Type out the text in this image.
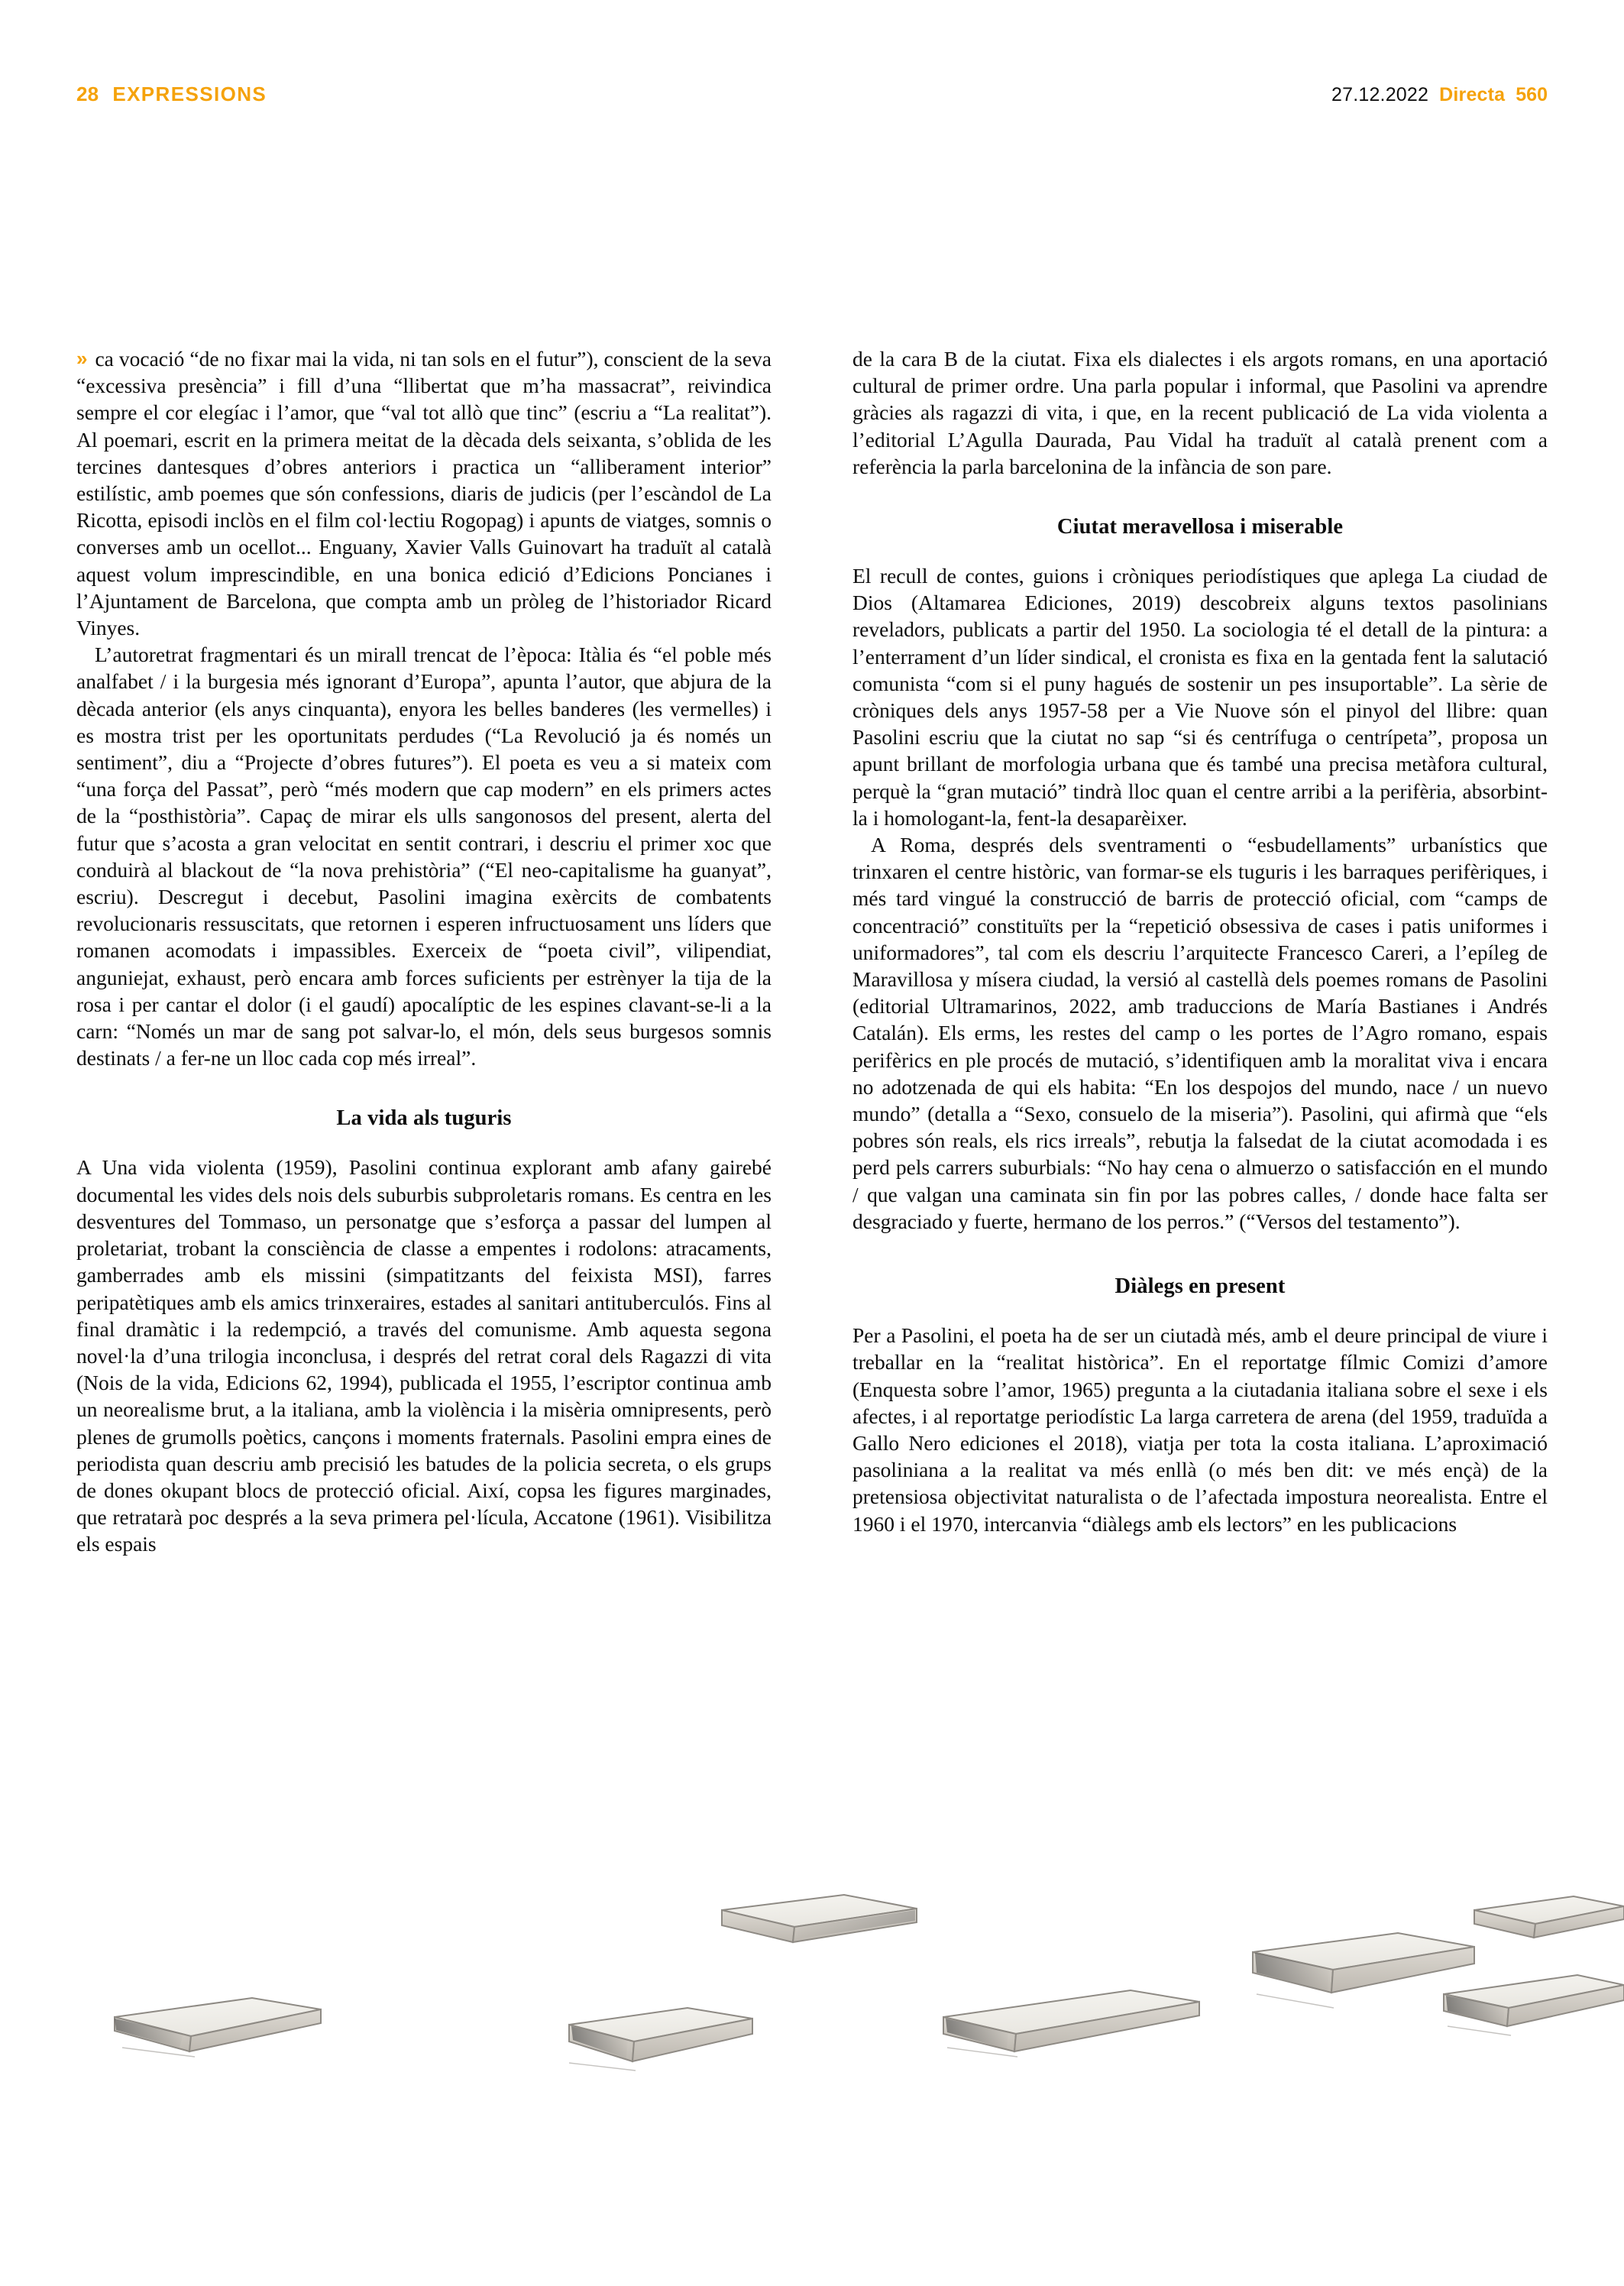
28 EXPRESSIONS	27.12.2022 Directa 560

» ca vocació “de no fixar mai la vida, ni tan sols en el futur”), conscient de la seva “excessiva presència” i fill d’una “llibertat que m’ha massacrat”, reivindica sempre el cor elegíac i l’amor, que “val tot allò que tinc” (escriu a “La realitat”). Al poemari, escrit en la primera meitat de la dècada dels seixanta, s’oblida de les tercines dantesques d’obres anteriors i practica un “alliberament interior” estilístic, amb poemes que són confessions, diaris de judicis (per l’escàndol de La Ricotta, episodi inclòs en el film col·lectiu Rogopag) i apunts de viatges, somnis o converses amb un ocellot... Enguany, Xavier Valls Guinovart ha traduït al català aquest volum imprescindible, en una bonica edició d’Edicions Poncianes i l’Ajuntament de Barcelona, que compta amb un pròleg de l’historiador Ricard Vinyes.

L’autoretrat fragmentari és un mirall trencat de l’època: Itàlia és “el poble més analfabet / i la burgesia més ignorant d’Europa”, apunta l’autor, que abjura de la dècada anterior (els anys cinquanta), enyora les belles banderes (les vermelles) i es mostra trist per les oportunitats perdudes (“La Revolució ja és només un sentiment”, diu a “Projecte d’obres futures”). El poeta es veu a si mateix com “una força del Passat”, però “més modern que cap modern” en els primers actes de la “posthistòria”. Capaç de mirar els ulls sangonosos del present, alerta del futur que s’acosta a gran velocitat en sentit contrari, i descriu el primer xoc que conduirà al blackout de “la nova prehistòria” (“El neo-capitalisme ha guanyat”, escriu). Descregut i decebut, Pasolini imagina exèrcits de combatents revolucionaris ressuscitats, que retornen i esperen infructuosament uns líders que romanen acomodats i impassibles. Exerceix de “poeta civil”, vilipendiat, anguniejat, exhaust, però encara amb forces suficients per estrènyer la tija de la rosa i per cantar el dolor (i el gaudí) apocalíptic de les espines clavant-se-li a la carn: “Només un mar de sang pot salvar-lo, el món, dels seus burgesos somnis destinats / a fer-ne un lloc cada cop més irreal”.

La vida als tuguris

A Una vida violenta (1959), Pasolini continua explorant amb afany gairebé documental les vides dels nois dels suburbis subproletaris romans. Es centra en les desventures del Tommaso, un personatge que s’esforça a passar del lumpen al proletariat, trobant la consciència de classe a empentes i rodolons: atracaments, gamberrades amb els missini (simpatitzants del feixista MSI), farres peripatètiques amb els amics trinxeraires, estades al sanitari antituberculós. Fins al final dramàtic i la redempció, a través del comunisme. Amb aquesta segona novel·la d’una trilogia inconclusa, i després del retrat coral dels Ragazzi di vita (Nois de la vida, Edicions 62, 1994), publicada el 1955, l’escriptor continua amb un neorealisme brut, a la italiana, amb la violència i la misèria omnipresents, però plenes de grumolls poètics, cançons i moments fraternals. Pasolini empra eines de periodista quan descriu amb precisió les batudes de la policia secreta, o els grups de dones okupant blocs de protecció oficial. Així, copsa les figures marginades, que retratarà poc després a la seva primera pel·lícula, Accatone (1961). Visibilitza els espais

de la cara B de la ciutat. Fixa els dialectes i els argots romans, en una aportació cultural de primer ordre. Una parla popular i informal, que Pasolini va aprendre gràcies als ragazzi di vita, i que, en la recent publicació de La vida violenta a l’editorial L’Agulla Daurada, Pau Vidal ha traduït al català prenent com a referència la parla barcelonina de la infància de son pare.

Ciutat meravellosa i miserable

El recull de contes, guions i cròniques periodístiques que aplega La ciudad de Dios (Altamarea Ediciones, 2019) descobreix alguns textos pasolinians reveladors, publicats a partir del 1950. La sociologia té el detall de la pintura: a l’enterrament d’un líder sindical, el cronista es fixa en la gentada fent la salutació comunista “com si el puny hagués de sostenir un pes insuportable”. La sèrie de cròniques dels anys 1957-58 per a Vie Nuove són el pinyol del llibre: quan Pasolini escriu que la ciutat no sap “si és centrífuga o centrípeta”, proposa un apunt brillant de morfologia urbana que és també una precisa metàfora cultural, perquè la “gran mutació” tindrà lloc quan el centre arribi a la perifèria, absorbint-la i homologant-la, fent-la desaparèixer.

A Roma, després dels sventramenti o “esbudellaments” urbanístics que trinxaren el centre històric, van formar-se els tuguris i les barraques perifèriques, i més tard vingué la construcció de barris de protecció oficial, com “camps de concentració” constituïts per la “repetició obsessiva de cases i patis uniformes i uniformadores”, tal com els descriu l’arquitecte Francesco Careri, a l’epíleg de Maravillosa y mísera ciudad, la versió al castellà dels poemes romans de Pasolini (editorial Ultramarinos, 2022, amb traduccions de María Bastianes i Andrés Catalán). Els erms, les restes del camp o les portes de l’Agro romano, espais perifèrics en ple procés de mutació, s’identifiquen amb la moralitat viva i encara no adotzenada de qui els habita: “En los despojos del mundo, nace / un nuevo mundo” (detalla a “Sexo, consuelo de la miseria”). Pasolini, qui afirmà que “els pobres són reals, els rics irreals”, rebutja la falsedat de la ciutat acomodada i es perd pels carrers suburbials: “No hay cena o almuerzo o satisfacción en el mundo / que valgan una caminata sin fin por las pobres calles, / donde hace falta ser desgraciado y fuerte, hermano de los perros.” (“Versos del testamento”).

Diàlegs en present

Per a Pasolini, el poeta ha de ser un ciutadà més, amb el deure principal de viure i treballar en la “realitat històrica”. En el reportatge fílmic Comizi d’amore (Enquesta sobre l’amor, 1965) pregunta a la ciutadania italiana sobre el sexe i els afectes, i al reportatge periodístic La larga carretera de arena (del 1959, traduïda a Gallo Nero ediciones el 2018), viatja per tota la costa italiana. L’aproximació pasoliniana a la realitat va més enllà (o més ben dit: ve més ençà) de la pretensiosa objectivitat naturalista o de l’afectada impostura neorealista. Entre el 1960 i el 1970, intercanvia “diàlegs amb els lectors” en les publicacions
